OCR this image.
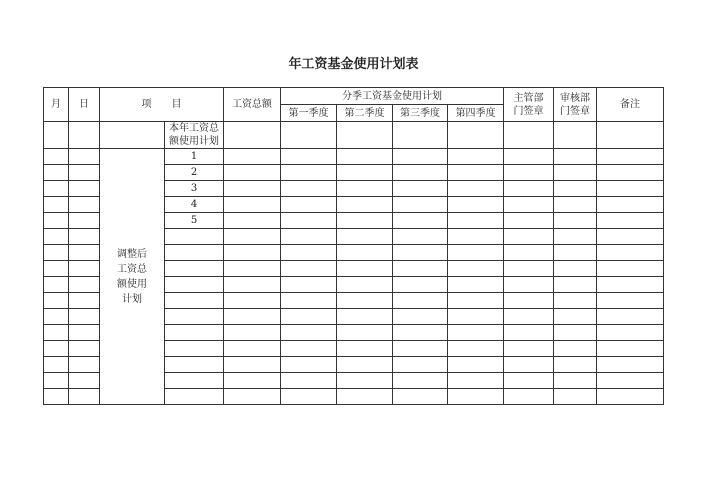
年工资基金使用计划表
月	日	项　　目		工资总额	分季工资基金使用计划				主管部门签章	审核部门签章	备注
					第一季度	第二季度	第三季度	第四季度			
			本年工资总额使用计划								
		调整后工资总额使用计划	1								
			2								
			3								
			4								
			5								
